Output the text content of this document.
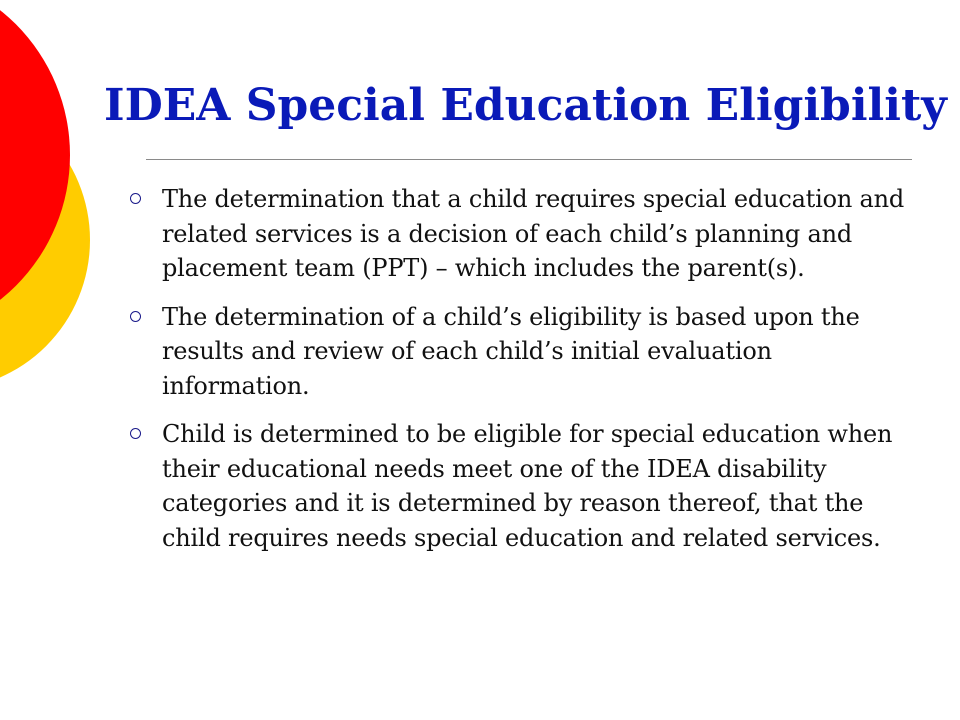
IDEA Special Education Eligibility
The determination that a child requires special education and related services is a decision of each child’s planning and placement team (PPT) – which includes the parent(s).
The determination of a child’s eligibility is based upon the results and review of each child’s initial evaluation information.
Child is determined to be eligible for special education when their educational needs meet one of the IDEA disability categories and it is determined by reason thereof, that the child requires needs special education and related services.
